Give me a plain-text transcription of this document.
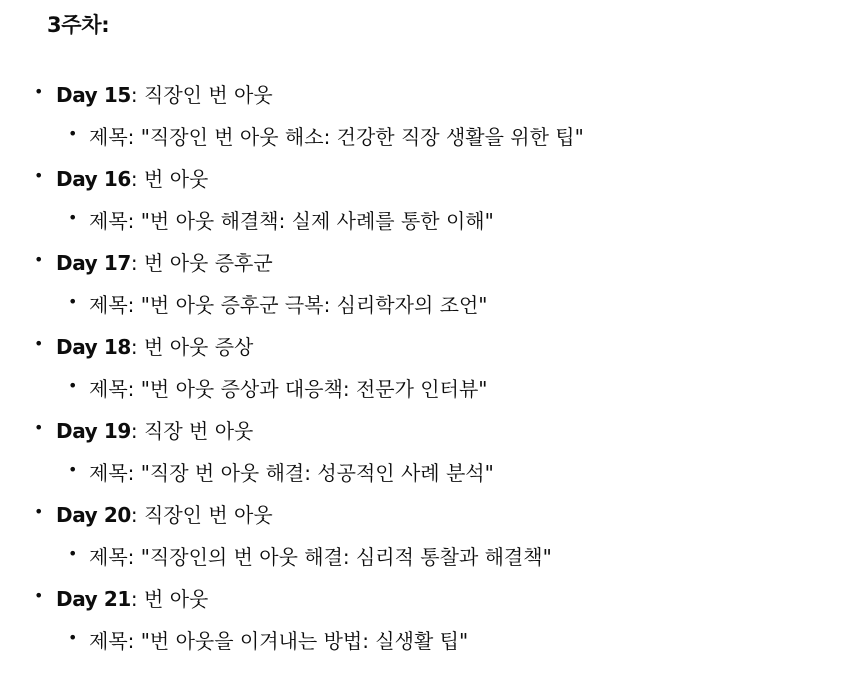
3주차:
• Day 15: 직장인 번 아웃
• 제목: "직장인 번 아웃 해소: 건강한 직장 생활을 위한 팁"
• Day 16: 번 아웃
• 제목: "번 아웃 해결책: 실제 사례를 통한 이해"
• Day 17: 번 아웃 증후군
• 제목: "번 아웃 증후군 극복: 심리학자의 조언"
• Day 18: 번 아웃 증상
• 제목: "번 아웃 증상과 대응책: 전문가 인터뷰"
• Day 19: 직장 번 아웃
• 제목: "직장 번 아웃 해결: 성공적인 사례 분석"
• Day 20: 직장인 번 아웃
• 제목: "직장인의 번 아웃 해결: 심리적 통찰과 해결책"
• Day 21: 번 아웃
• 제목: "번 아웃을 이겨내는 방법: 실생활 팁"
